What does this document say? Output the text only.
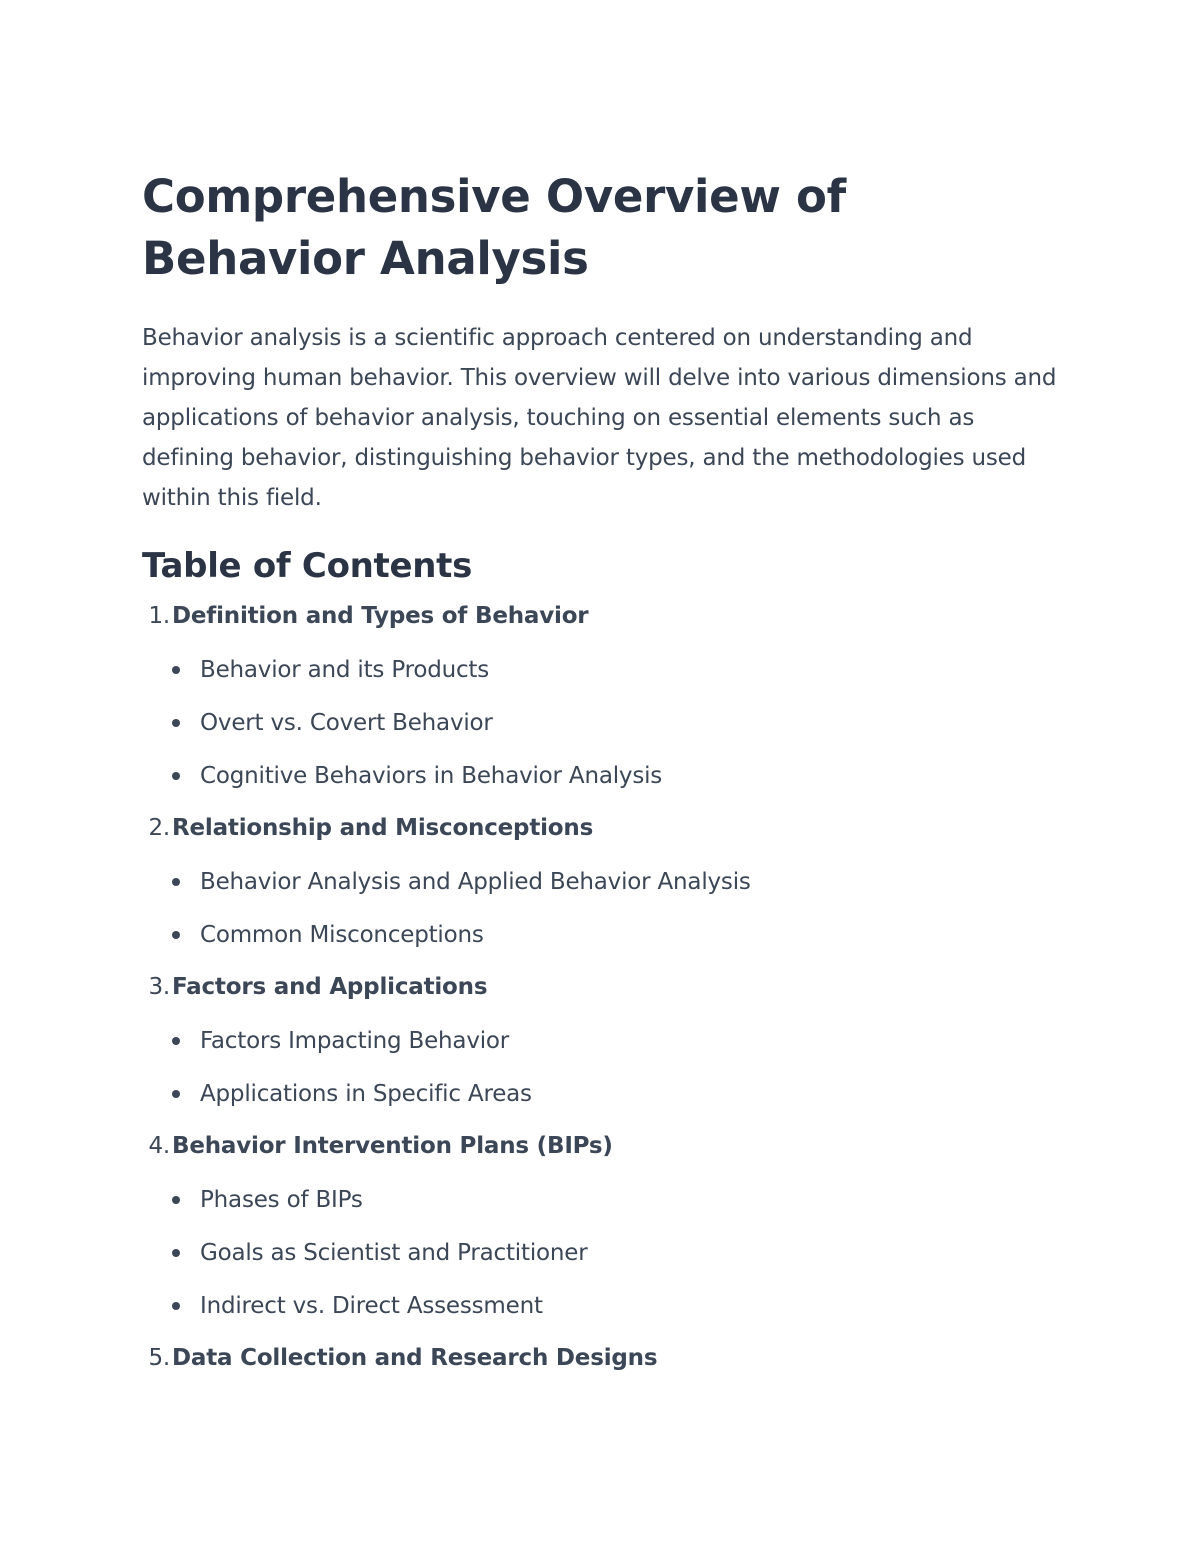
Comprehensive Overview of Behavior Analysis

Behavior analysis is a scientific approach centered on understanding and improving human behavior. This overview will delve into various dimensions and applications of behavior analysis, touching on essential elements such as defining behavior, distinguishing behavior types, and the methodologies used within this field.

Table of Contents
1. Definition and Types of Behavior
Behavior and its Products
Overt vs. Covert Behavior
Cognitive Behaviors in Behavior Analysis
2. Relationship and Misconceptions
Behavior Analysis and Applied Behavior Analysis
Common Misconceptions
3. Factors and Applications
Factors Impacting Behavior
Applications in Specific Areas
4. Behavior Intervention Plans (BIPs)
Phases of BIPs
Goals as Scientist and Practitioner
Indirect vs. Direct Assessment
5. Data Collection and Research Designs
